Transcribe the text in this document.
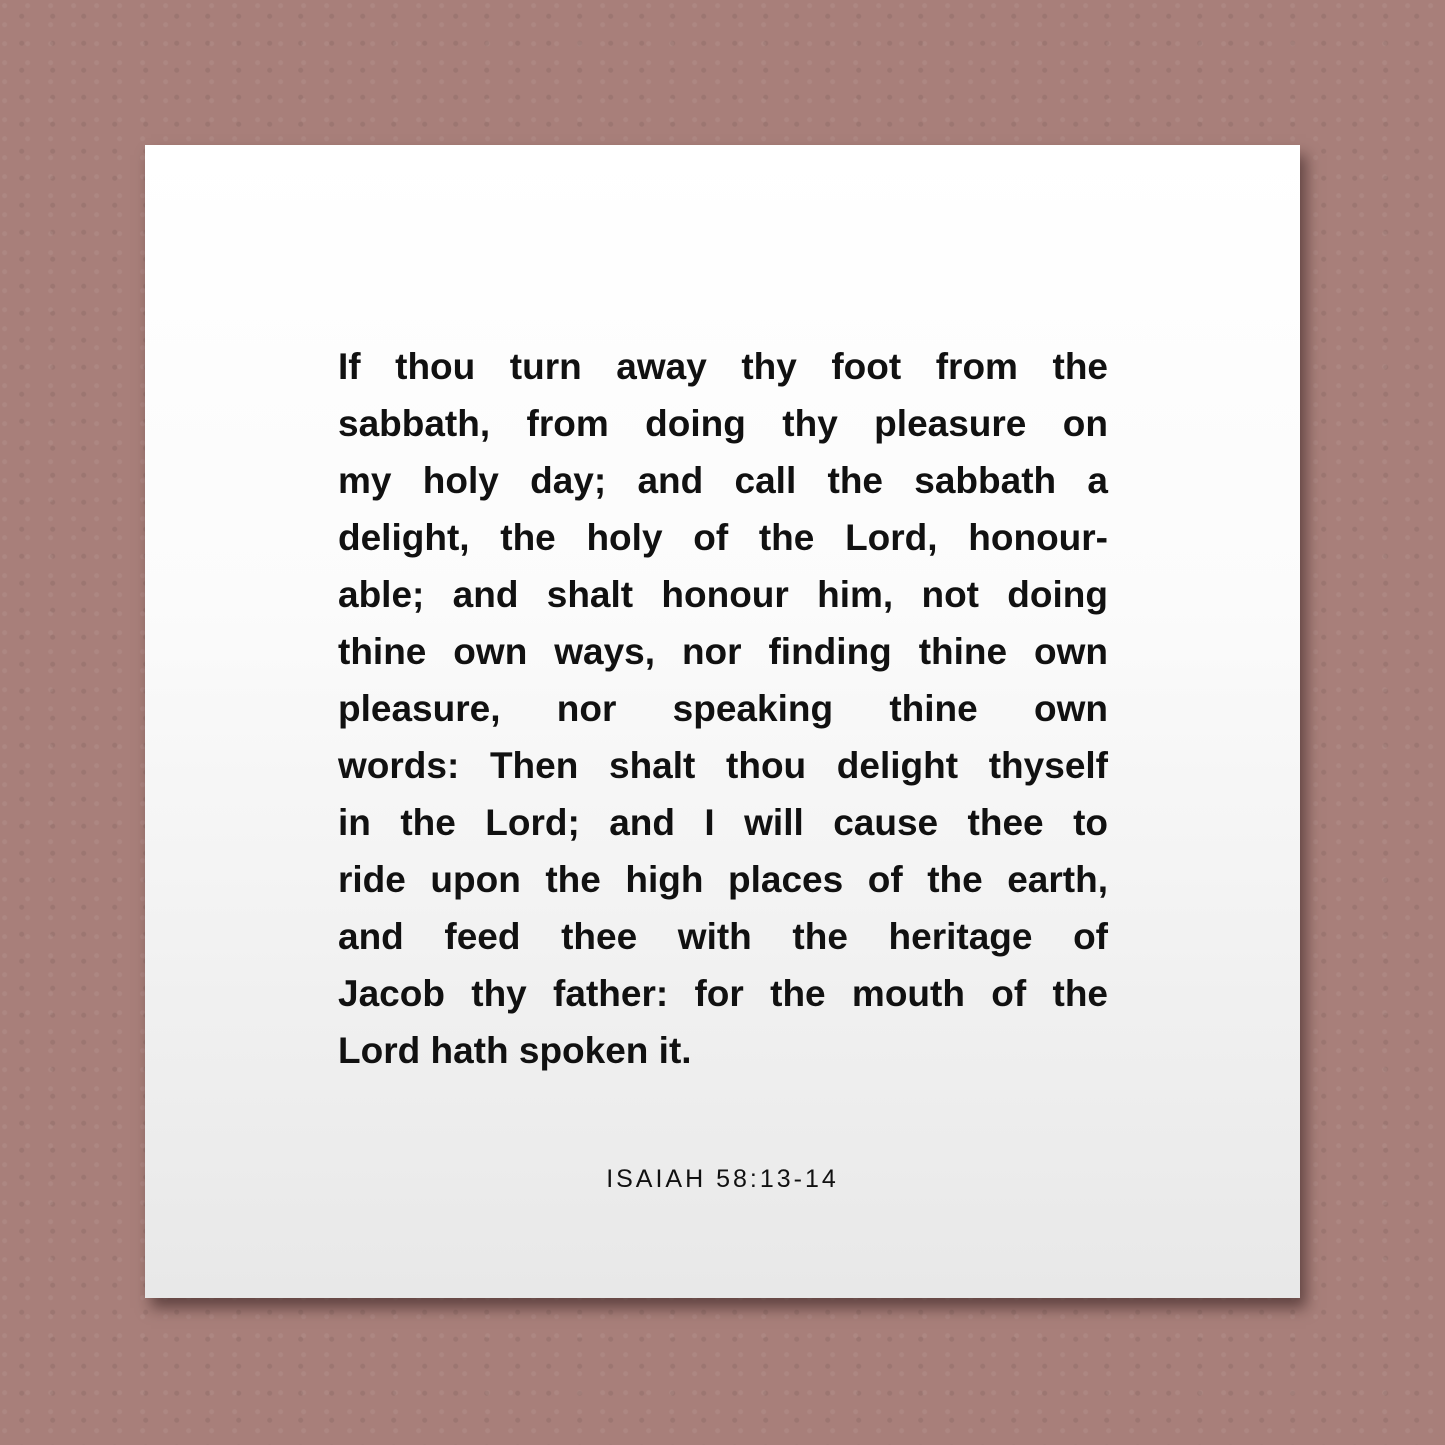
If thou turn away thy foot from the
sabbath, from doing thy pleasure on
my holy day; and call the sabbath a
delight, the holy of the Lord, honour-
able; and shalt honour him, not doing
thine own ways, nor finding thine own
pleasure, nor speaking thine own
words: Then shalt thou delight thyself
in the Lord; and I will cause thee to
ride upon the high places of the earth,
and feed thee with the heritage of
Jacob thy father: for the mouth of the
Lord hath spoken it.
ISAIAH 58:13-14
